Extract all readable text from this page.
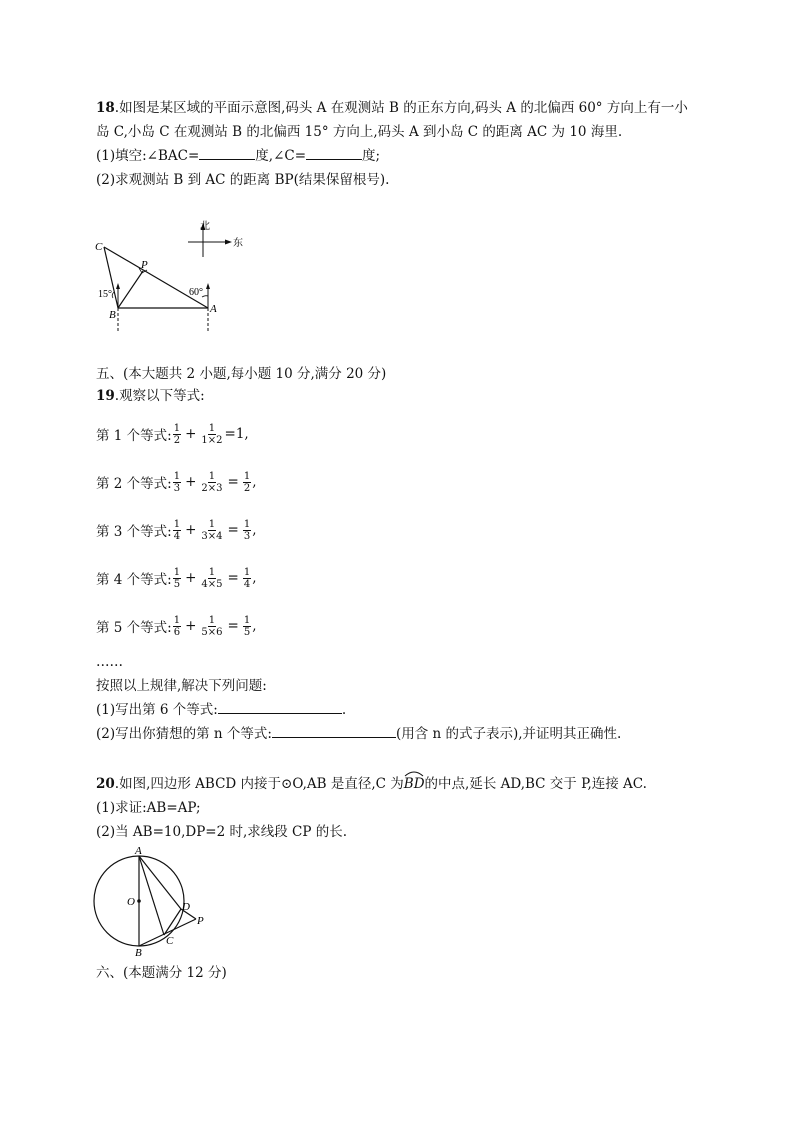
18.如图是某区域的平面示意图,码头 A 在观测站 B 的正东方向,码头 A 的北偏西 60° 方向上有一小
岛 C,小岛 C 在观测站 B 的北偏西 15° 方向上,码头 A 到小岛 C 的距离 AC 为 10 海里.
(1)填空:∠BAC=	度,∠C=	度;
(2)求观测站 B 到 AC 的距离 BP(结果保留根号).
北
东
C
P
B	A
15°	60°
五、(本大题共 2 小题,每小题 10 分,满分 20 分)
19.观察以下等式:
第 1 个等式: $\frac{1}{2} + \frac{1}{1\times 2} =1$,
第 2 个等式: $\frac{1}{3} + \frac{1}{2\times 3} = \frac{1}{2}$ ,
第 3 个等式: $\frac{1}{4} + \frac{1}{3\times 4} = \frac{1}{3}$ ,
第 4 个等式: $\frac{1}{5} + \frac{1}{4\times 5} = \frac{1}{4}$ ,
第 5 个等式: $\frac{1}{6} + \frac{1}{5\times 6} = \frac{1}{5}$ ,
……
按照以上规律,解决下列问题:
(1)写出第 6 个等式:	.
(2)写出你猜想的第 n 个等式:	(用含 n 的式子表示),并证明其正确性.
20.如图,四边形 ABCD 内接于⊙O,AB 是直径,C 为
BD的中点,延长 AD,BC 交于 P,连接 AC.
(1)求证:AB=AP;
(2)当 AB=10,DP=2 时,求线段 CP 的长.
A
O	D
P
B
C
六、(本题满分 12 分)
